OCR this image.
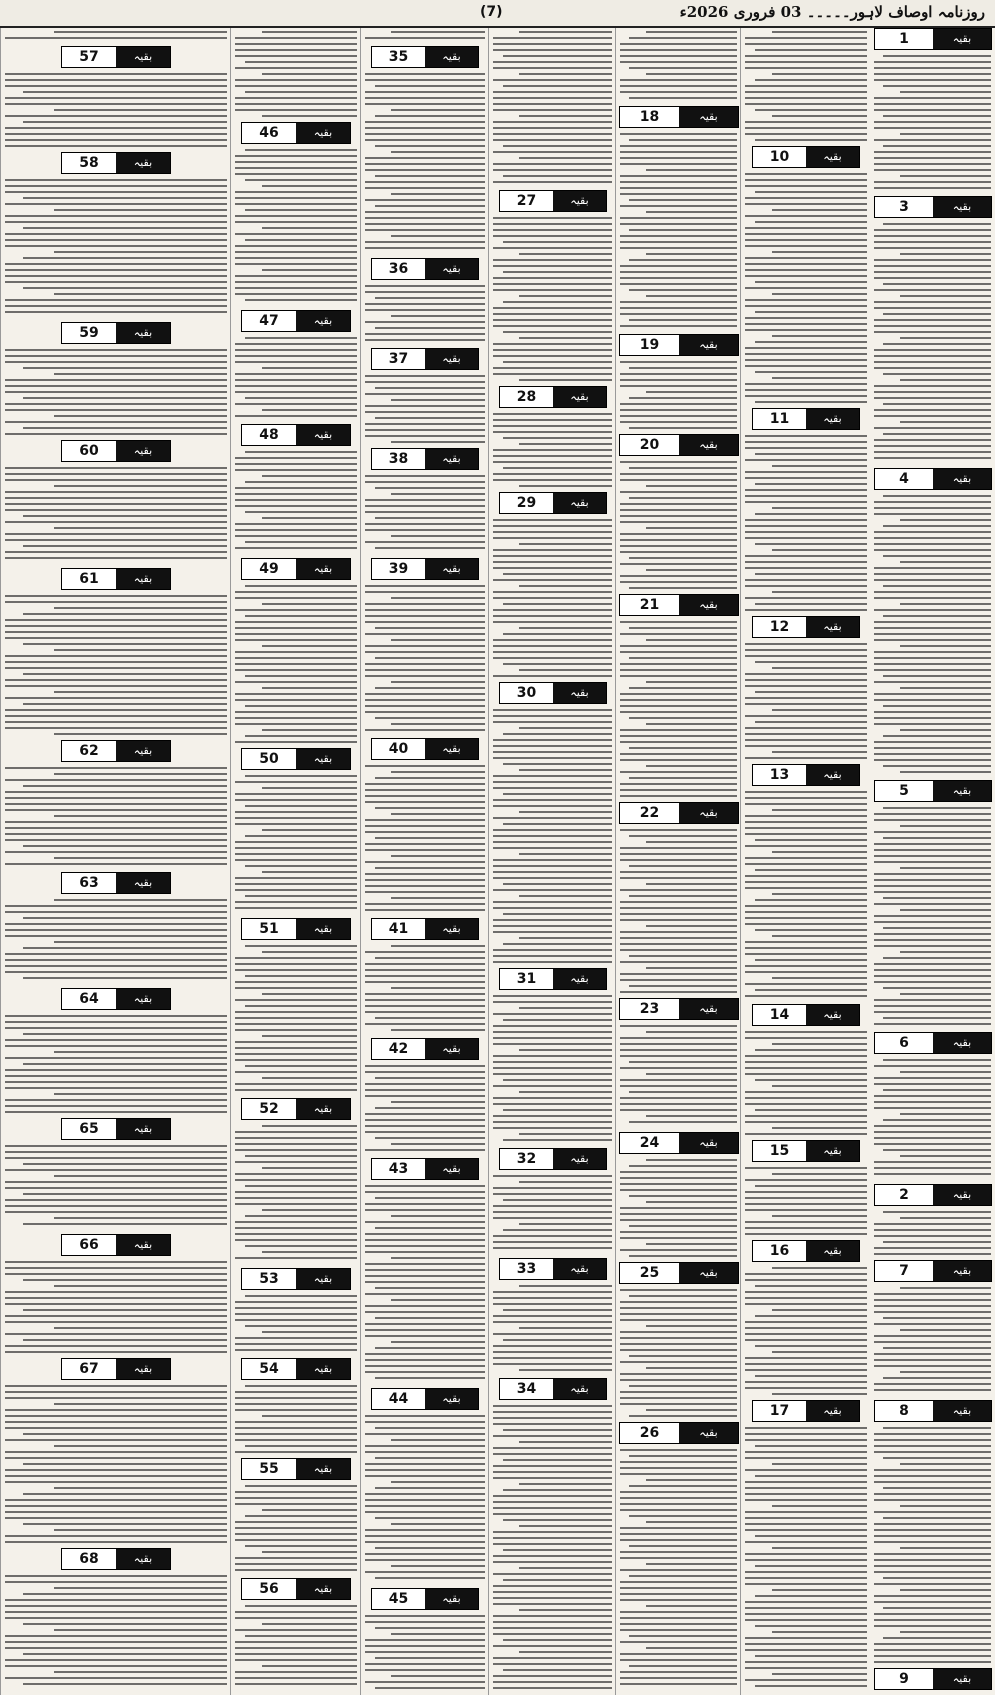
(7)	روزنامہ اوصاف لاہور۔۔۔۔۔ 03 فروری 2026ء
1	بقیہ
3	بقیہ
4	بقیہ
5	بقیہ
6	بقیہ
2	بقیہ
7	بقیہ
8	بقیہ
9	بقیہ
10	بقیہ
11	بقیہ
12	بقیہ
13	بقیہ
14	بقیہ
15	بقیہ
16	بقیہ
17	بقیہ
18	بقیہ
19	بقیہ
20	بقیہ
21	بقیہ
22	بقیہ
23	بقیہ
24	بقیہ
25	بقیہ
26	بقیہ
27	بقیہ
28	بقیہ
29	بقیہ
30	بقیہ
31	بقیہ
32	بقیہ
33	بقیہ
34	بقیہ
35	بقیہ
36	بقیہ
37	بقیہ
38	بقیہ
39	بقیہ
40	بقیہ
41	بقیہ
42	بقیہ
43	بقیہ
44	بقیہ
45	بقیہ
46	بقیہ
47	بقیہ
48	بقیہ
49	بقیہ
50	بقیہ
51	بقیہ
52	بقیہ
53	بقیہ
54	بقیہ
55	بقیہ
56	بقیہ
57	بقیہ
58	بقیہ
59	بقیہ
60	بقیہ
61	بقیہ
62	بقیہ
63	بقیہ
64	بقیہ
65	بقیہ
66	بقیہ
67	بقیہ
68	بقیہ
